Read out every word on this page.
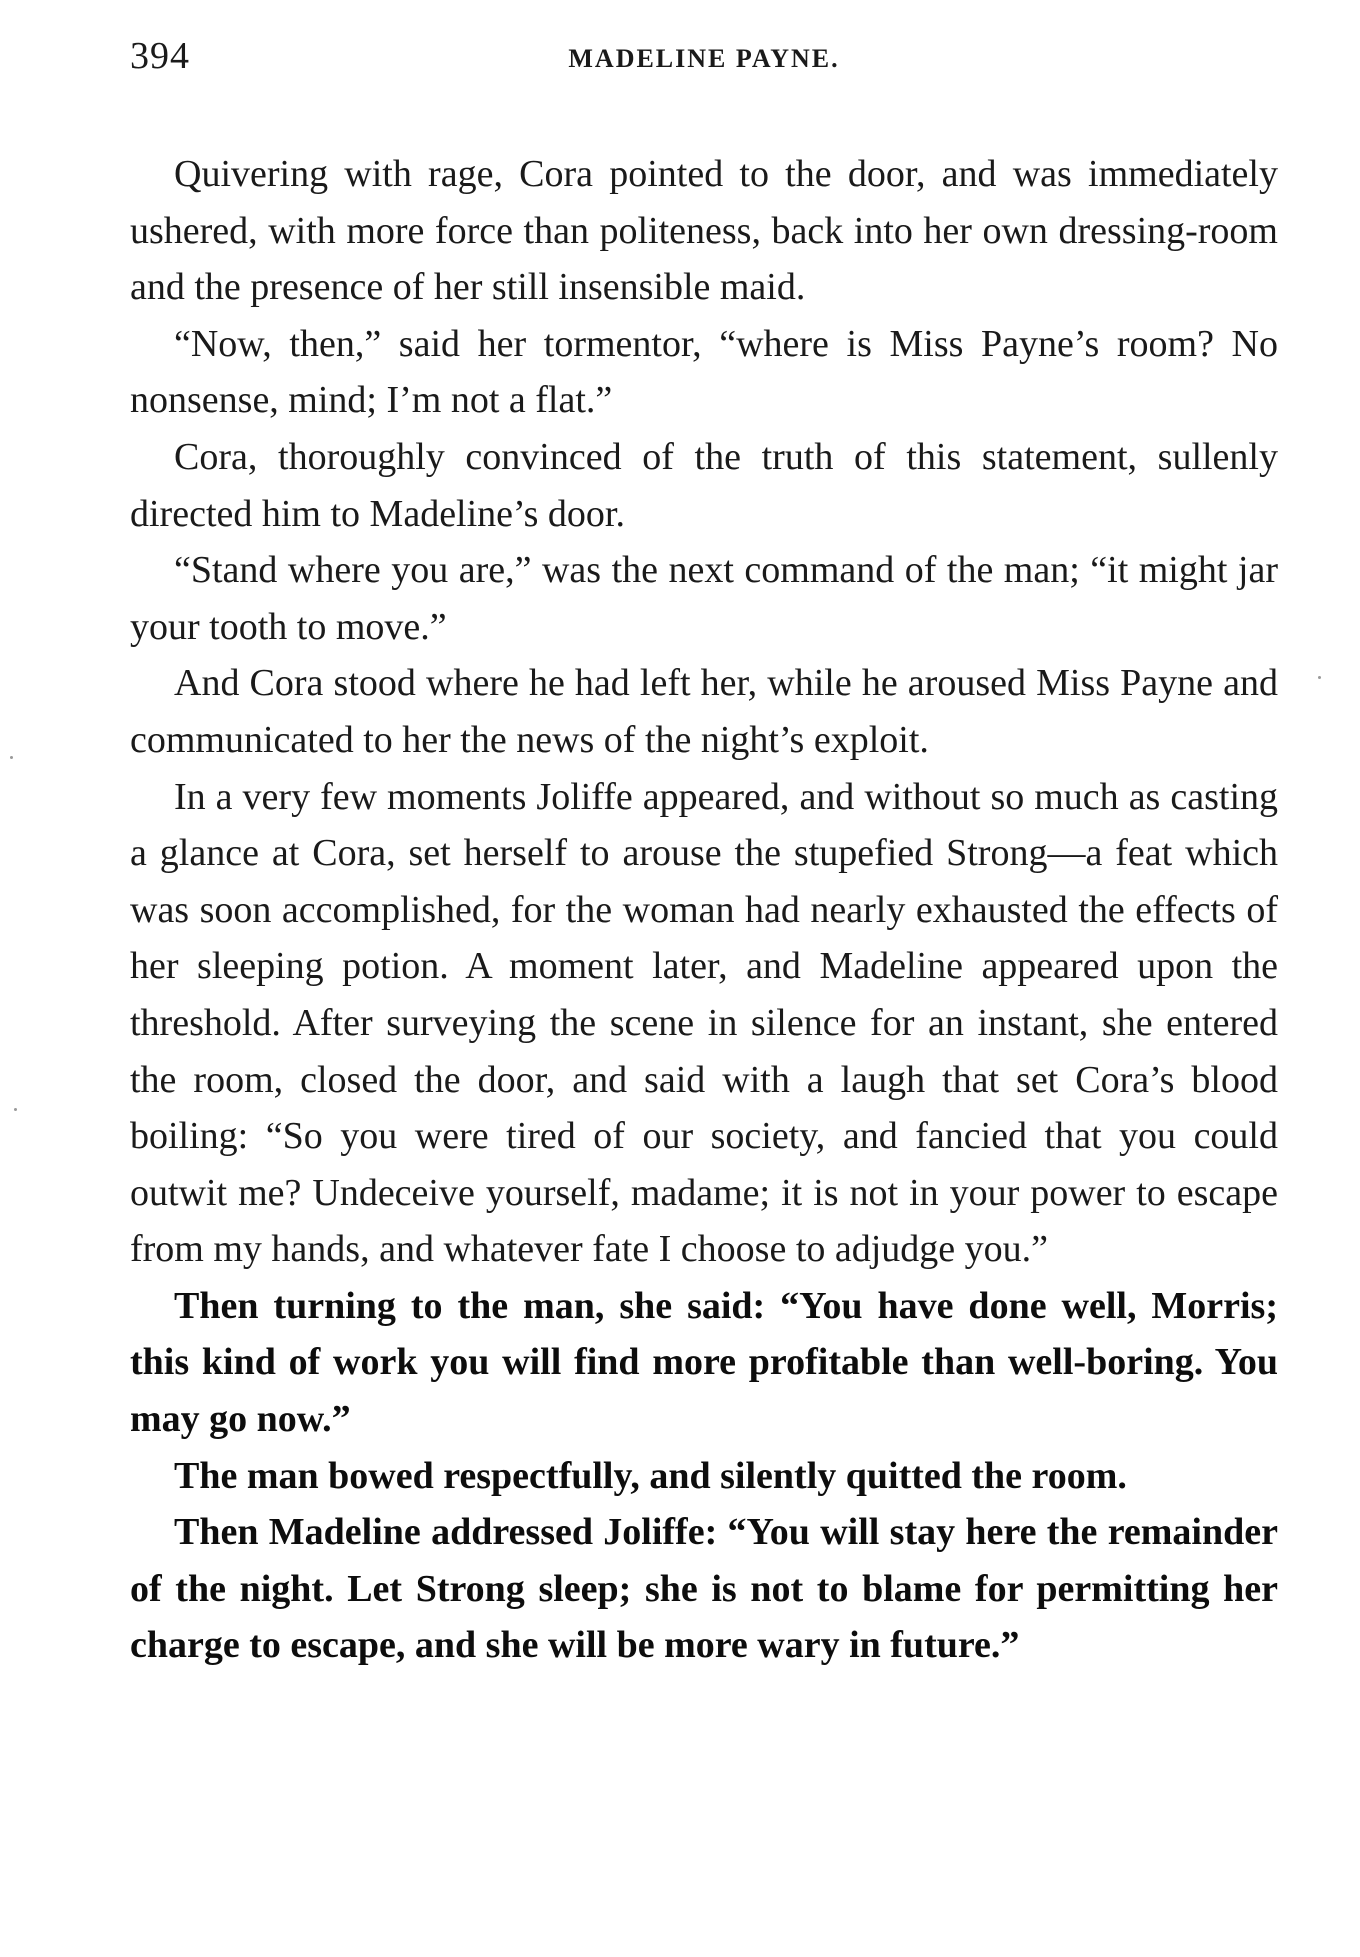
394	MADELINE PAYNE.

Quivering with rage, Cora pointed to the door, and was immediately ushered, with more force than politeness, back into her own dressing-room and the presence of her still insensible maid.

“Now, then,” said her tormentor, “where is Miss Payne’s room? No nonsense, mind; I’m not a flat.”

Cora, thoroughly convinced of the truth of this statement, sullenly directed him to Madeline’s door.

“Stand where you are,” was the next command of the man; “it might jar your tooth to move.”

And Cora stood where he had left her, while he aroused Miss Payne and communicated to her the news of the night’s exploit.

In a very few moments Joliffe appeared, and without so much as casting a glance at Cora, set herself to arouse the stupefied Strong—a feat which was soon accomplished, for the woman had nearly exhausted the effects of her sleeping potion. A moment later, and Madeline appeared upon the threshold. After surveying the scene in silence for an instant, she entered the room, closed the door, and said with a laugh that set Cora’s blood boiling: “So you were tired of our society, and fancied that you could outwit me? Undeceive yourself, madame; it is not in your power to escape from my hands, and whatever fate I choose to adjudge you.”

Then turning to the man, she said: “You have done well, Morris; this kind of work you will find more profitable than well-boring. You may go now.”

The man bowed respectfully, and silently quitted the room.

Then Madeline addressed Joliffe: “You will stay here the remainder of the night. Let Strong sleep; she is not to blame for permitting her charge to escape, and she will be more wary in future.”
